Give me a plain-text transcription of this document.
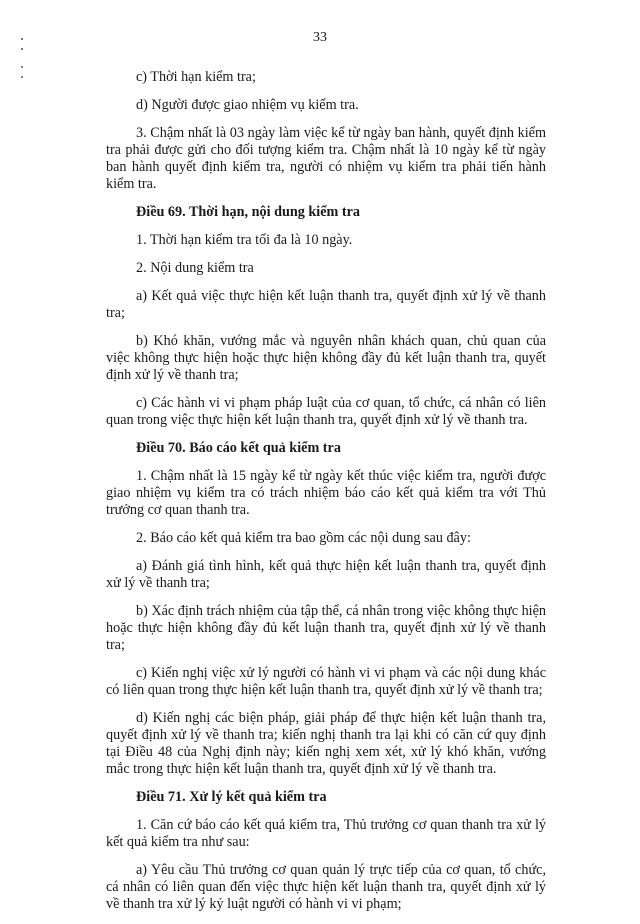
33

c) Thời hạn kiểm tra;

d) Người được giao nhiệm vụ kiểm tra.

3. Chậm nhất là 03 ngày làm việc kể từ ngày ban hành, quyết định kiểm tra phải được gửi cho đối tượng kiểm tra. Chậm nhất là 10 ngày kể từ ngày ban hành quyết định kiểm tra, người có nhiệm vụ kiểm tra phải tiến hành kiểm tra.

Điều 69. Thời hạn, nội dung kiểm tra

1. Thời hạn kiểm tra tối đa là 10 ngày.

2. Nội dung kiểm tra

a) Kết quả việc thực hiện kết luận thanh tra, quyết định xử lý về thanh tra;

b) Khó khăn, vướng mắc và nguyên nhân khách quan, chủ quan của việc không thực hiện hoặc thực hiện không đầy đủ kết luận thanh tra, quyết định xử lý về thanh tra;

c) Các hành vi vi phạm pháp luật của cơ quan, tổ chức, cá nhân có liên quan trong việc thực hiện kết luận thanh tra, quyết định xử lý về thanh tra.

Điều 70. Báo cáo kết quả kiểm tra

1. Chậm nhất là 15 ngày kể từ ngày kết thúc việc kiểm tra, người được giao nhiệm vụ kiểm tra có trách nhiệm báo cáo kết quả kiểm tra với Thủ trưởng cơ quan thanh tra.

2. Báo cáo kết quả kiểm tra bao gồm các nội dung sau đây:

a) Đánh giá tình hình, kết quả thực hiện kết luận thanh tra, quyết định xử lý về thanh tra;

b) Xác định trách nhiệm của tập thể, cá nhân trong việc không thực hiện hoặc thực hiện không đầy đủ kết luận thanh tra, quyết định xử lý về thanh tra;

c) Kiến nghị việc xử lý người có hành vi vi phạm và các nội dung khác có liên quan trong thực hiện kết luận thanh tra, quyết định xử lý về thanh tra;

d) Kiến nghị các biện pháp, giải pháp để thực hiện kết luận thanh tra, quyết định xử lý về thanh tra; kiến nghị thanh tra lại khi có căn cứ quy định tại Điều 48 của Nghị định này; kiến nghị xem xét, xử lý khó khăn, vướng mắc trong thực hiện kết luận thanh tra, quyết định xử lý về thanh tra.

Điều 71. Xử lý kết quả kiểm tra

1. Căn cứ báo cáo kết quả kiểm tra, Thủ trưởng cơ quan thanh tra xử lý kết quả kiểm tra như sau:

a) Yêu cầu Thủ trưởng cơ quan quản lý trực tiếp của cơ quan, tổ chức, cá nhân có liên quan đến việc thực hiện kết luận thanh tra, quyết định xử lý về thanh tra xử lý kỷ luật người có hành vi vi phạm;
